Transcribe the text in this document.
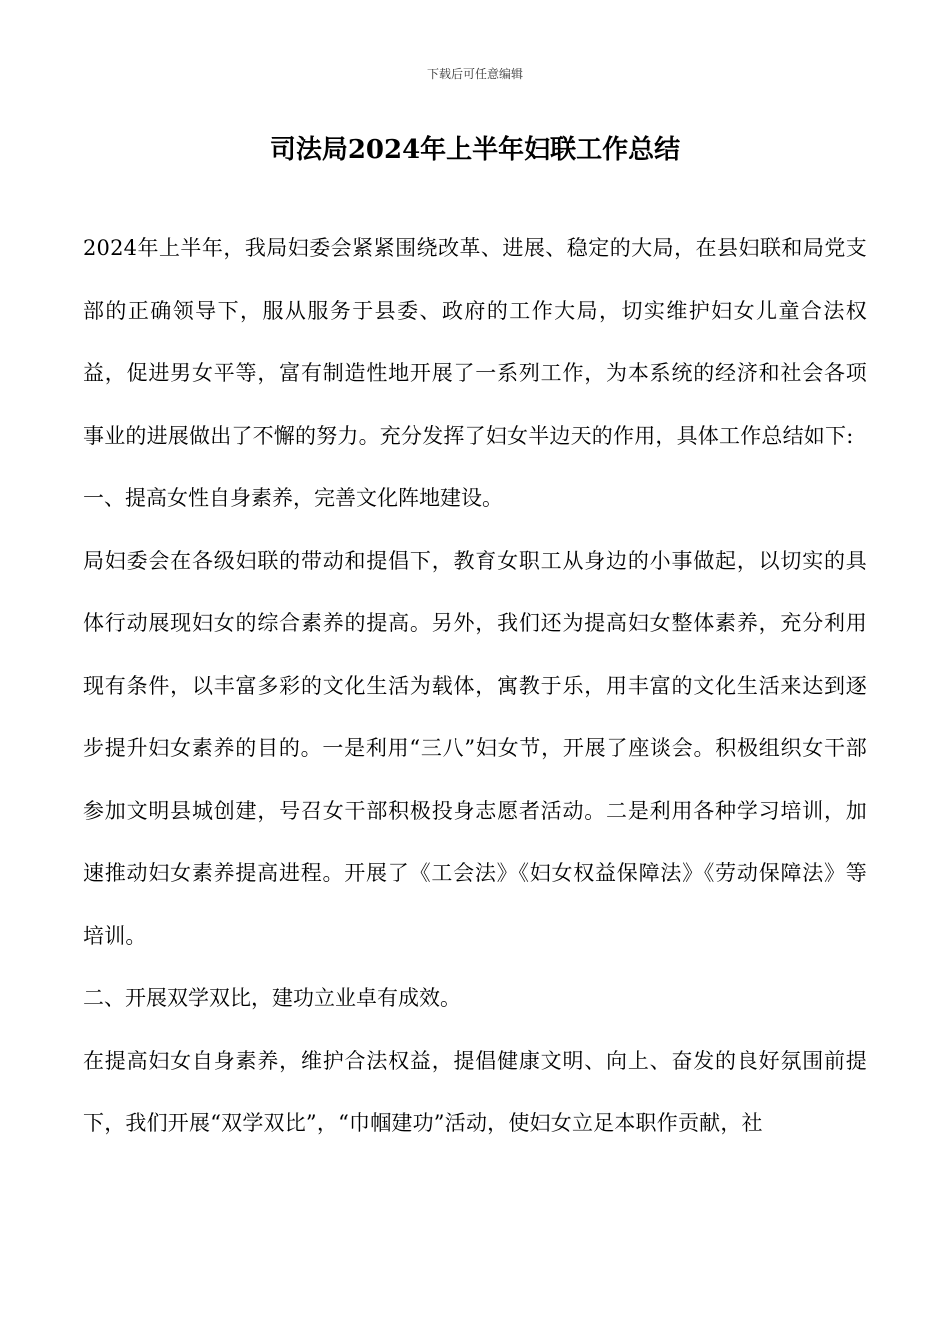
下载后可任意编辑
司法局2024年上半年妇联工作总结

2024年上半年，我局妇委会紧紧围绕改革、进展、稳定的大局，在县妇联和局党支部的正确领导下，服从服务于县委、政府的工作大局，切实维护妇女儿童合法权益，促进男女平等，富有制造性地开展了一系列工作，为本系统的经济和社会各项事业的进展做出了不懈的努力。充分发挥了妇女半边天的作用，具体工作总结如下:

一、提高女性自身素养，完善文化阵地建设。

局妇委会在各级妇联的带动和提倡下，教育女职工从身边的小事做起，以切实的具体行动展现妇女的综合素养的提高。另外，我们还为提高妇女整体素养，充分利用现有条件，以丰富多彩的文化生活为载体，寓教于乐，用丰富的文化生活来达到逐步提升妇女素养的目的。一是利用“三八”妇女节，开展了座谈会。积极组织女干部参加文明县城创建，号召女干部积极投身志愿者活动。二是利用各种学习培训，加速推动妇女素养提高进程。开展了《工会法》《妇女权益保障法》《劳动保障法》等培训。

二、开展双学双比，建功立业卓有成效。

在提高妇女自身素养，维护合法权益，提倡健康文明、向上、奋发的良好氛围前提下，我们开展“双学双比”，“巾帼建功”活动，使妇女立足本职作贡献，社
